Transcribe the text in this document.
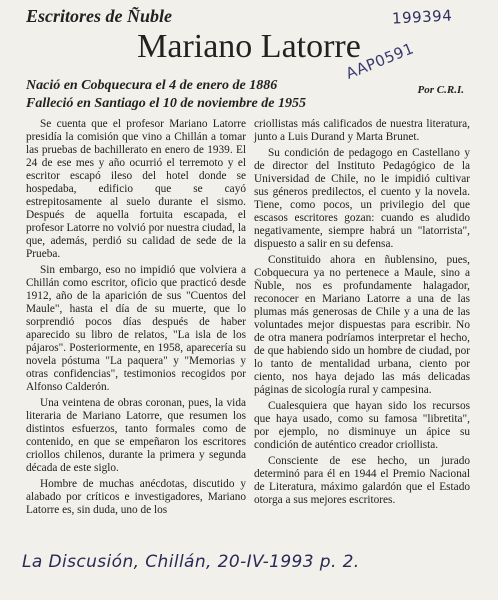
Escritores de Ñuble	199394
Mariano Latorre
AAP0591
Nació en Cobquecura el 4 de enero de 1886
Falleció en Santiago el 10 de noviembre de 1955
Por C.R.I.

Se cuenta que el profesor Mariano Latorre presidía la comisión que vino a Chillán a tomar las pruebas de bachillerato en enero de 1939. El 24 de ese mes y año ocurrió el terremoto y el escritor escapó ileso del hotel donde se hospedaba, edificio que se cayó estrepitosamente al suelo durante el sismo. Después de aquella fortuita escapada, el profesor Latorre no volvió por nuestra ciudad, la que, además, perdió su calidad de sede de la Prueba.

Sin embargo, eso no impidió que volviera a Chillán como escritor, oficio que practicó desde 1912, año de la aparición de sus "Cuentos del Maule", hasta el día de su muerte, que lo sorprendió pocos días después de haber aparecido su libro de relatos, "La isla de los pájaros". Posteriormente, en 1958, aparecería su novela póstuma "La paquera" y "Memorias y otras confidencias", testimonios recogidos por Alfonso Calderón.

Una veintena de obras coronan, pues, la vida literaria de Mariano Latorre, que resumen los distintos esfuerzos, tanto formales como de contenido, en que se empeñaron los escritores criollos chilenos, durante la primera y segunda década de este siglo.

Hombre de muchas anécdotas, discutido y alabado por críticos e investigadores, Mariano Latorre es, sin duda, uno de los

criollistas más calificados de nuestra literatura, junto a Luis Durand y Marta Brunet.

Su condición de pedagogo en Castellano y de director del Instituto Pedagógico de la Universidad de Chile, no le impidió cultivar sus géneros predilectos, el cuento y la novela. Tiene, como pocos, un privilegio del que escasos escritores gozan: cuando es aludido negativamente, siempre habrá un "latorrista", dispuesto a salir en su defensa.

Constituido ahora en ñublensino, pues, Cobquecura ya no pertenece a Maule, sino a Ñuble, nos es profundamente halagador, reconocer en Mariano Latorre a una de las plumas más generosas de Chile y a una de las voluntades mejor dispuestas para escribir. No de otra manera podríamos interpretar el hecho, de que habiendo sido un hombre de ciudad, por lo tanto de mentalidad urbana, ciento por ciento, nos haya dejado las más delicadas páginas de sicología rural y campesina.

Cualesquiera que hayan sido los recursos que haya usado, como su famosa "libretita", por ejemplo, no disminuye un ápice su condición de auténtico creador criollista.

Consciente de ese hecho, un jurado determinó para él en 1944 el Premio Nacional de Literatura, máximo galardón que el Estado otorga a sus mejores escritores.

La Discusión, Chillán, 20-IV-1993 p. 2.
